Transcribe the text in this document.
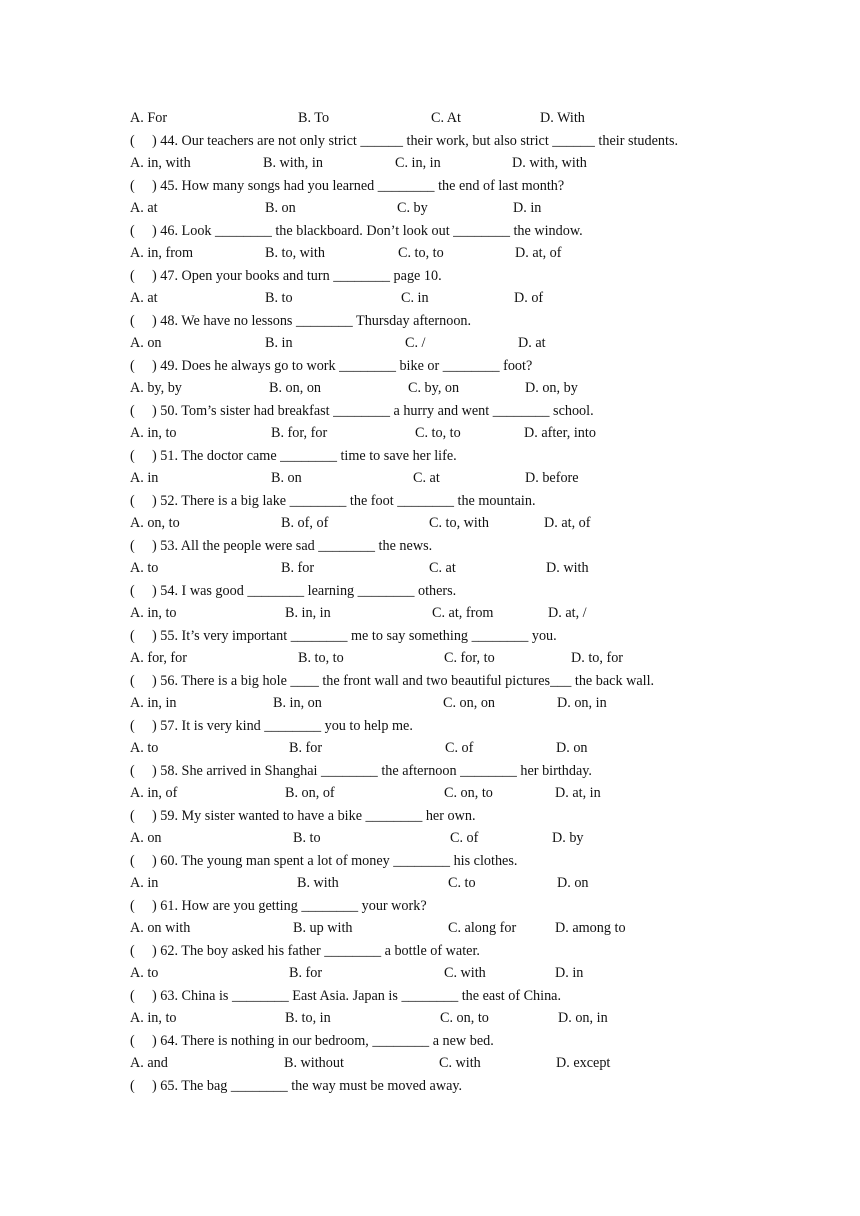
A. For	B. To	C. At	D. With
( ) 44. Our teachers are not only strict ______ their work, but also strict ______ their students.
A. in, with	B. with, in	C. in, in	D. with, with
( ) 45. How many songs had you learned ________ the end of last month?
A. at	B. on	C. by	D. in
( ) 46. Look ________ the blackboard. Don’t look out ________ the window.
A. in, from	B. to, with	C. to, to	D. at, of
( ) 47. Open your books and turn ________ page 10.
A. at	B. to	C. in	D. of
( ) 48. We have no lessons ________ Thursday afternoon.
A. on	B. in	C. /	D. at
( ) 49. Does he always go to work ________ bike or ________ foot?
A. by, by	B. on, on	C. by, on	D. on, by
( ) 50. Tom’s sister had breakfast ________ a hurry and went ________ school.
A. in, to	B. for, for	C. to, to	D. after, into
( ) 51. The doctor came ________ time to save her life.
A. in	B. on	C. at	D. before
( ) 52. There is a big lake ________ the foot ________ the mountain.
A. on, to	B. of, of	C. to, with	D. at, of
( ) 53. All the people were sad ________ the news.
A. to	B. for	C. at	D. with
( ) 54. I was good ________ learning ________ others.
A. in, to	B. in, in	C. at, from	D. at, /
( ) 55. It’s very important ________ me to say something ________ you.
A. for, for	B. to, to	C. for, to	D. to, for
( ) 56. There is a big hole ____ the front wall and two beautiful pictures___ the back wall.
A. in, in	B. in, on	C. on, on	D. on, in
( ) 57. It is very kind ________ you to help me.
A. to	B. for	C. of	D. on
( ) 58. She arrived in Shanghai ________ the afternoon ________ her birthday.
A. in, of	B. on, of	C. on, to	D. at, in
( ) 59. My sister wanted to have a bike ________ her own.
A. on	B. to	C. of	D. by
( ) 60. The young man spent a lot of money ________ his clothes.
A. in	B. with	C. to	D. on
( ) 61. How are you getting ________ your work?
A. on with	B. up with	C. along for	D. among to
( ) 62. The boy asked his father ________ a bottle of water.
A. to	B. for	C. with	D. in
( ) 63. China is ________ East Asia. Japan is ________ the east of China.
A. in, to	B. to, in	C. on, to	D. on, in
( ) 64. There is nothing in our bedroom, ________ a new bed.
A. and	B. without	C. with	D. except
( ) 65. The bag ________ the way must be moved away.
